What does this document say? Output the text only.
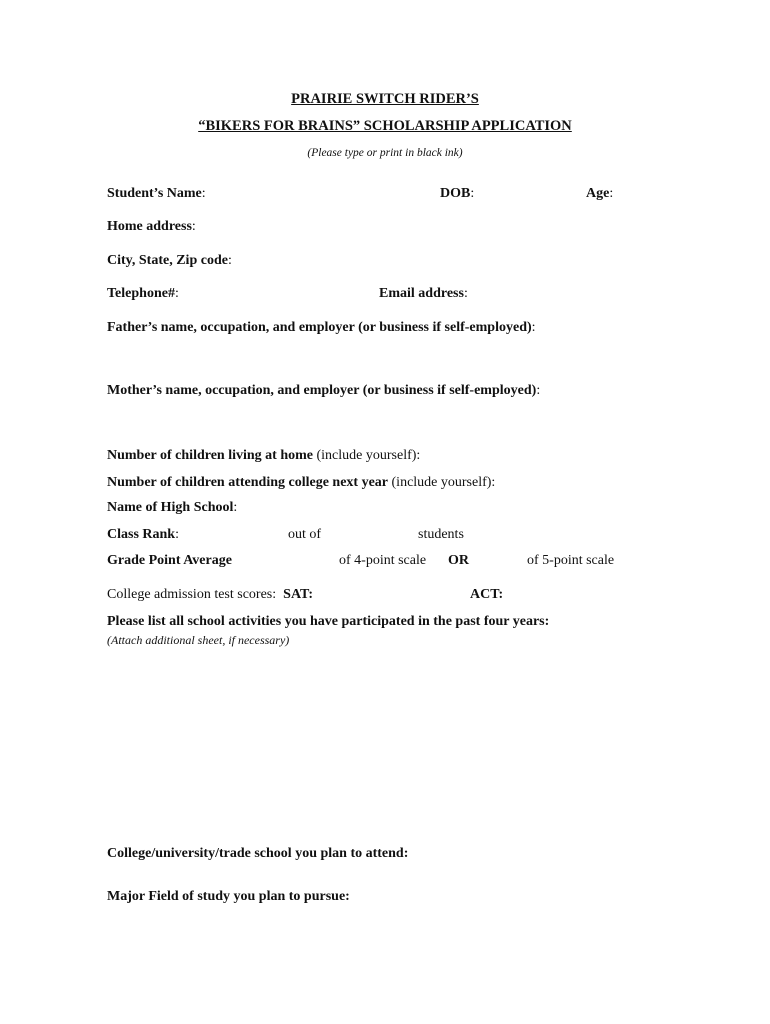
PRAIRIE SWITCH RIDER’S
“BIKERS FOR BRAINS” SCHOLARSHIP APPLICATION
(Please type or print in black ink)
Student’s Name:	DOB:	Age:
Home address:
City, State, Zip code:
Telephone#:	Email address:
Father’s name, occupation, and employer (or business if self-employed):
Mother’s name, occupation, and employer (or business if self-employed):
Number of children living at home (include yourself):
Number of children attending college next year (include yourself):
Name of High School:
Class Rank:	out of	students
Grade Point Average	of 4-point scale OR	of 5-point scale
College admission test scores: SAT:	ACT:
Please list all school activities you have participated in the past four years:
(Attach additional sheet, if necessary)
College/university/trade school you plan to attend:
Major Field of study you plan to pursue:
